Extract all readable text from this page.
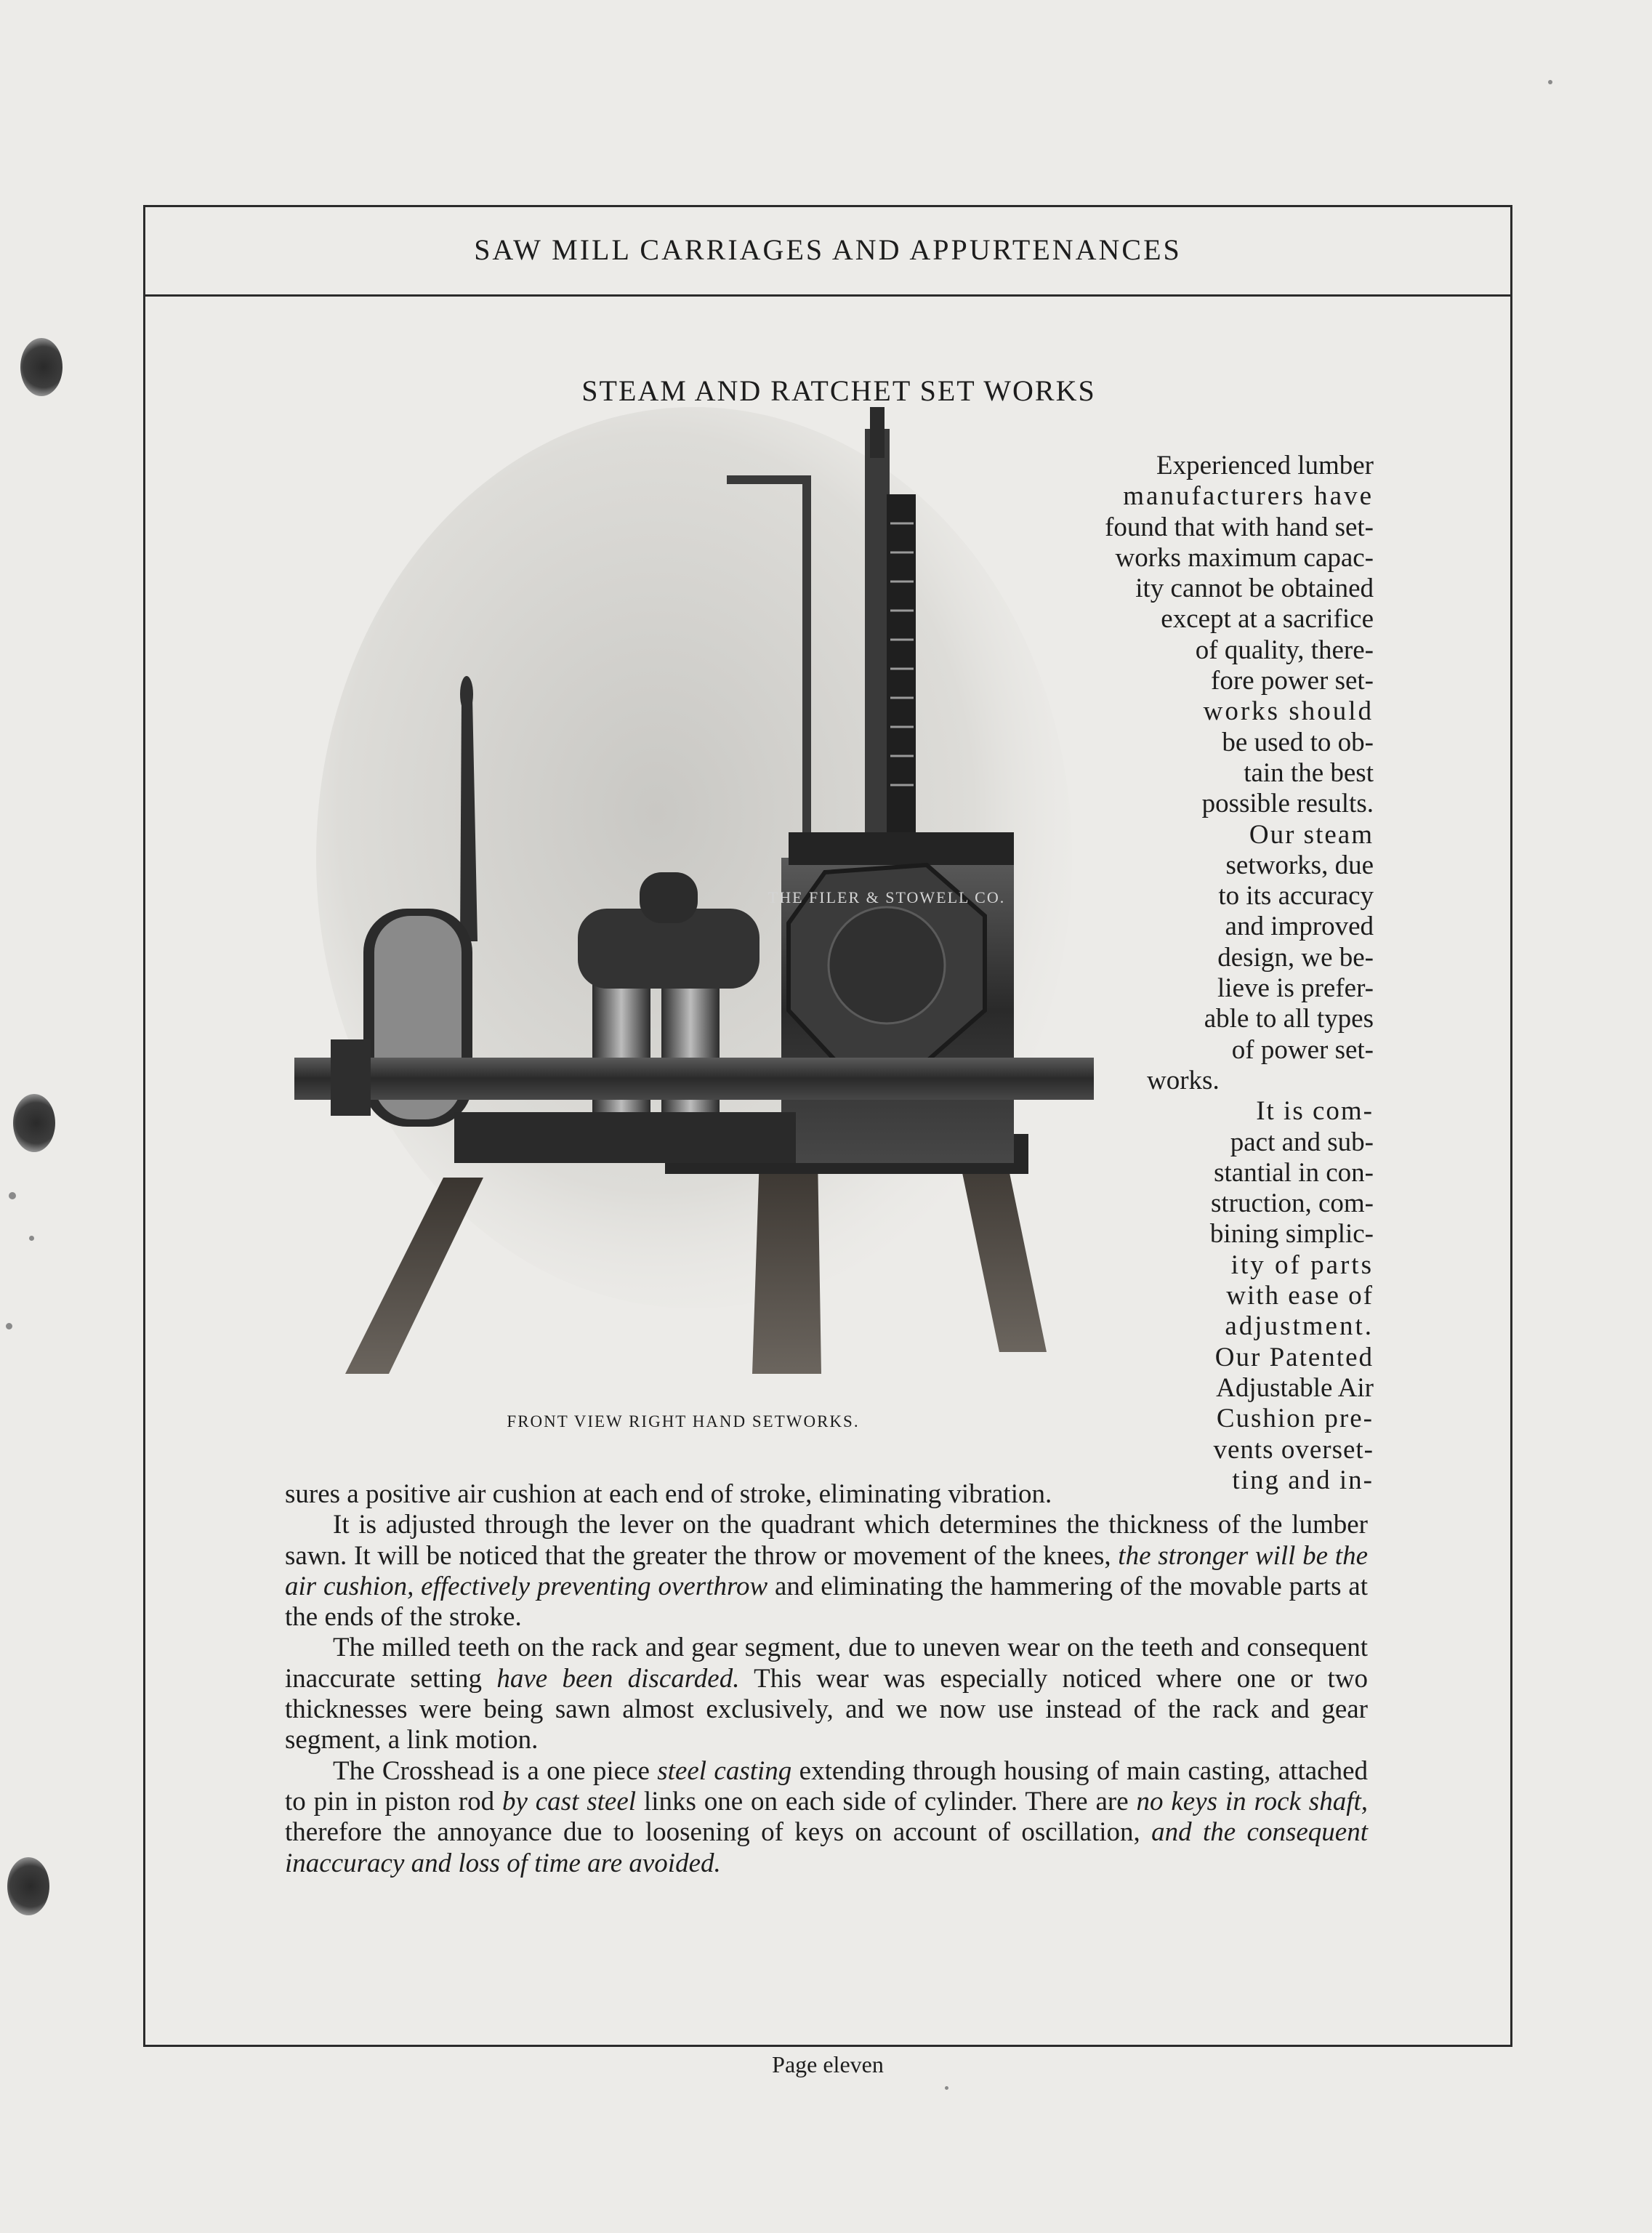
SAW MILL CARRIAGES AND APPURTENANCES
STEAM AND RATCHET SET WORKS
THE FILER & STOWELL CO.
FRONT VIEW RIGHT HAND SETWORKS.
Experienced lumber
manufacturers have
found that with hand set-
works maximum capac-
ity cannot be obtained
except at a sacrifice
of quality, there-
fore power set-
works should
be used to ob-
tain the best
possible results.
Our steam
setworks, due
to its accuracy
and improved
design, we be-
lieve is prefer-
able to all types
of power set-
works.
It is com-
pact and sub-
stantial in con-
struction, com-
bining simplic-
ity of parts
with ease of
adjustment.
Our Patented
Adjustable Air
Cushion pre-
vents overset-
ting and in-
sures a positive air cushion at each end of stroke, eliminating vibration.

It is adjusted through the lever on the quadrant which determines the thickness of the lumber sawn. It will be noticed that the greater the throw or movement of the knees, the stronger will be the air cushion, effectively preventing overthrow and eliminating the hammering of the movable parts at the ends of the stroke.

The milled teeth on the rack and gear segment, due to uneven wear on the teeth and consequent inaccurate setting have been discarded. This wear was especially noticed where one or two thicknesses were being sawn almost exclusively, and we now use instead of the rack and gear segment, a link motion.

The Crosshead is a one piece steel casting extending through housing of main casting, attached to pin in piston rod by cast steel links one on each side of cylinder. There are no keys in rock shaft, therefore the annoyance due to loosening of keys on account of oscillation, and the consequent inaccuracy and loss of time are avoided.

Page eleven
